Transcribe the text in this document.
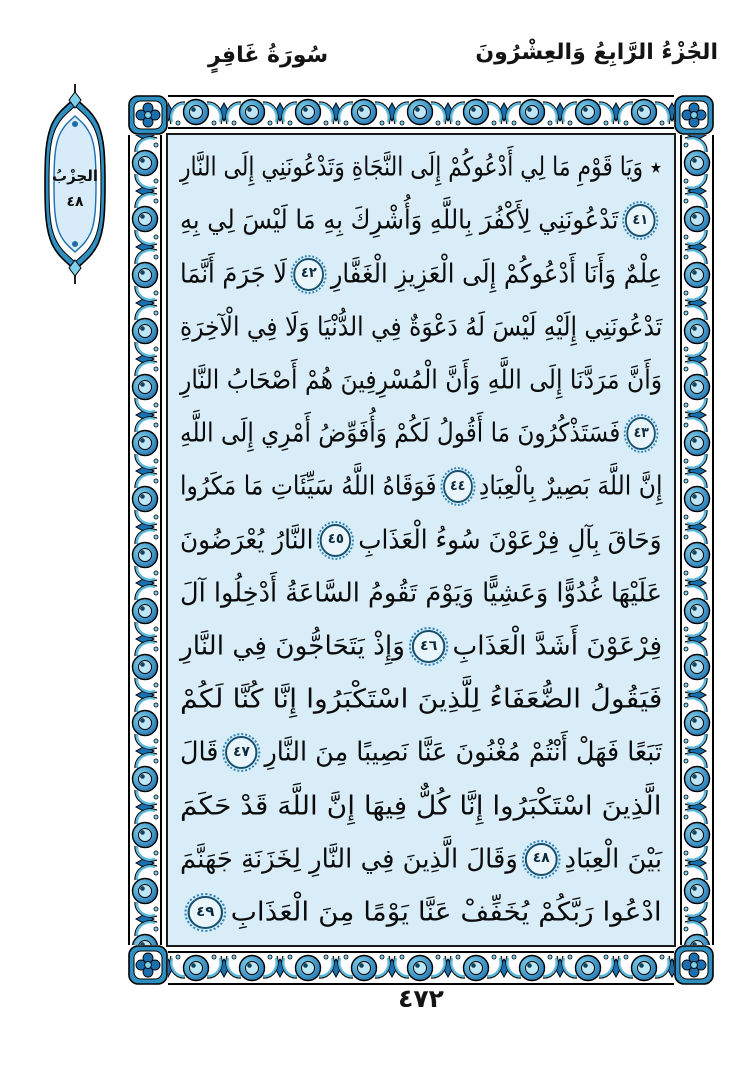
الجُزْءُ الرَّابِعُ وَالعِشْرُونَ
سُورَةُ غَافِرٍ
الحِزْبُ
٤٨
٭ وَيَا قَوْمِ مَا لِي أَدْعُوكُمْ إِلَى النَّجَاةِ وَتَدْعُونَنِي إِلَى النَّارِ
٤١تَدْعُونَنِي لِأَكْفُرَ بِاللَّهِ وَأُشْرِكَ بِهِ مَا لَيْسَ لِي بِهِ
عِلْمٌ وَأَنَا أَدْعُوكُمْ إِلَى الْعَزِيزِ الْغَفَّارِ٤٢لَا جَرَمَ أَنَّمَا
تَدْعُونَنِي إِلَيْهِ لَيْسَ لَهُ دَعْوَةٌ فِي الدُّنْيَا وَلَا فِي الْآخِرَةِ
وَأَنَّ مَرَدَّنَا إِلَى اللَّهِ وَأَنَّ الْمُسْرِفِينَ هُمْ أَصْحَابُ النَّارِ
٤٣فَسَتَذْكُرُونَ مَا أَقُولُ لَكُمْ وَأُفَوِّضُ أَمْرِي إِلَى اللَّهِ
إِنَّ اللَّهَ بَصِيرٌ بِالْعِبَادِ٤٤فَوَقَاهُ اللَّهُ سَيِّئَاتِ مَا مَكَرُوا
وَحَاقَ بِآلِ فِرْعَوْنَ سُوءُ الْعَذَابِ٤٥النَّارُ يُعْرَضُونَ
عَلَيْهَا غُدُوًّا وَعَشِيًّا وَيَوْمَ تَقُومُ السَّاعَةُ أَدْخِلُوا آلَ
فِرْعَوْنَ أَشَدَّ الْعَذَابِ٤٦وَإِذْ يَتَحَاجُّونَ فِي النَّارِ
فَيَقُولُ الضُّعَفَاءُ لِلَّذِينَ اسْتَكْبَرُوا إِنَّا كُنَّا لَكُمْ
تَبَعًا فَهَلْ أَنْتُمْ مُغْنُونَ عَنَّا نَصِيبًا مِنَ النَّارِ٤٧قَالَ
الَّذِينَ اسْتَكْبَرُوا إِنَّا كُلٌّ فِيهَا إِنَّ اللَّهَ قَدْ حَكَمَ
بَيْنَ الْعِبَادِ٤٨وَقَالَ الَّذِينَ فِي النَّارِ لِخَزَنَةِ جَهَنَّمَ
ادْعُوا رَبَّكُمْ يُخَفِّفْ عَنَّا يَوْمًا مِنَ الْعَذَابِ٤٩
٤٧٢
